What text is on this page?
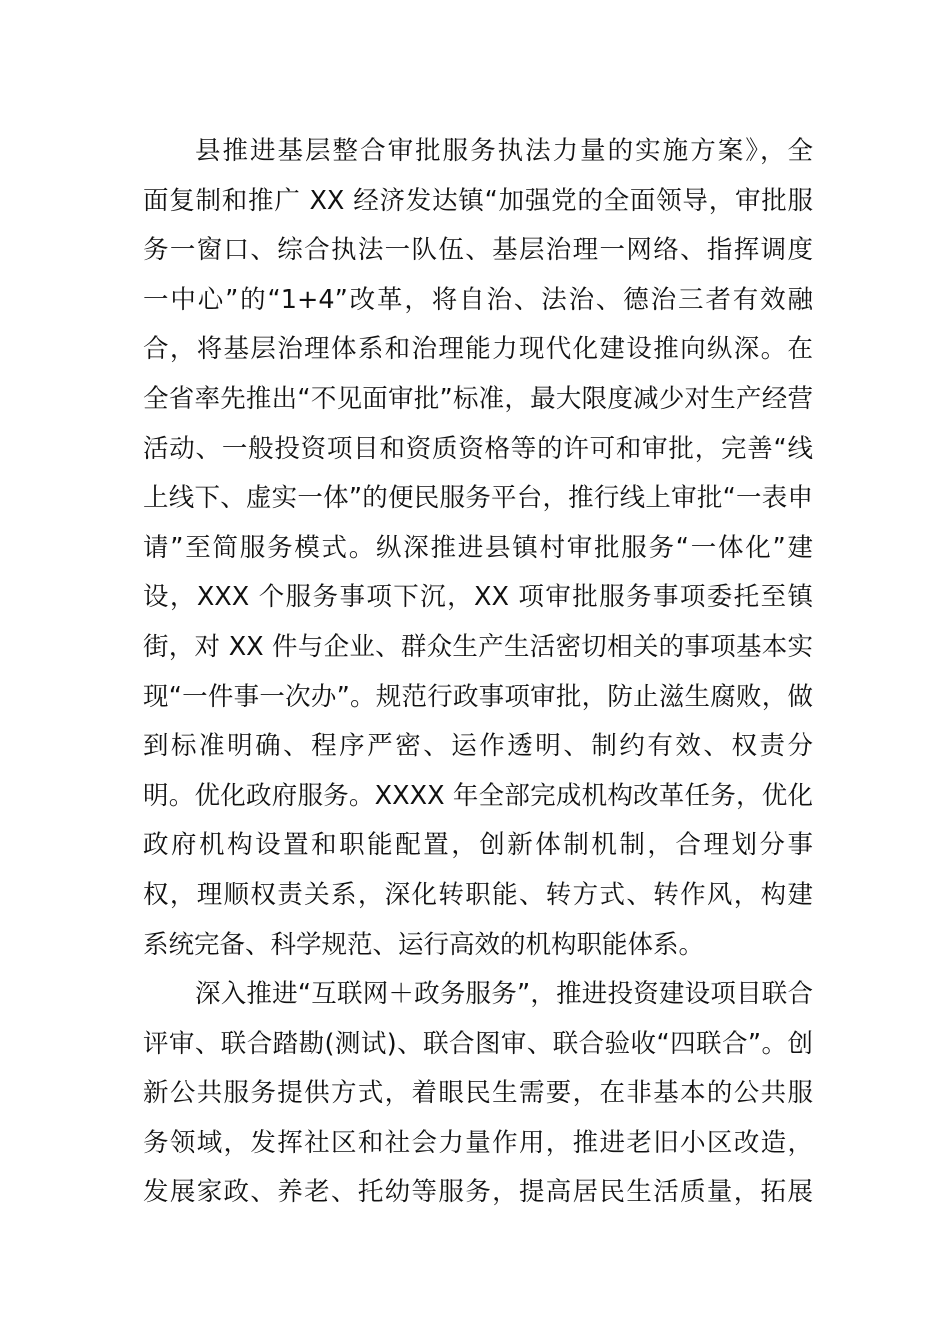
县推进基层整合审批服务执法力量的实施方案》，全
面复制和推广 XX 经济发达镇“加强党的全面领导，审批服
务一窗口、综合执法一队伍、基层治理一网络、指挥调度
一中心”的“1+4”改革，将自治、法治、德治三者有效融
合，将基层治理体系和治理能力现代化建设推向纵深。在
全省率先推出“不见面审批”标准，最大限度减少对生产经营
活动、一般投资项目和资质资格等的许可和审批，完善“线
上线下、虚实一体”的便民服务平台，推行线上审批“一表申
请”至简服务模式。纵深推进县镇村审批服务“一体化”建
设，XXX 个服务事项下沉，XX 项审批服务事项委托至镇
街，对 XX 件与企业、群众生产生活密切相关的事项基本实
现“一件事一次办”。规范行政事项审批，防止滋生腐败，做
到标准明确、程序严密、运作透明、制约有效、权责分
明。优化政府服务。XXXX 年全部完成机构改革任务，优化
政府机构设置和职能配置，创新体制机制，合理划分事
权，理顺权责关系，深化转职能、转方式、转作风，构建
系统完备、科学规范、运行高效的机构职能体系。
深入推进“互联网＋政务服务”，推进投资建设项目联合
评审、联合踏勘(测试)、联合图审、联合验收“四联合”。创
新公共服务提供方式，着眼民生需要，在非基本的公共服
务领域，发挥社区和社会力量作用，推进老旧小区改造，
发展家政、养老、托幼等服务，提高居民生活质量，拓展
